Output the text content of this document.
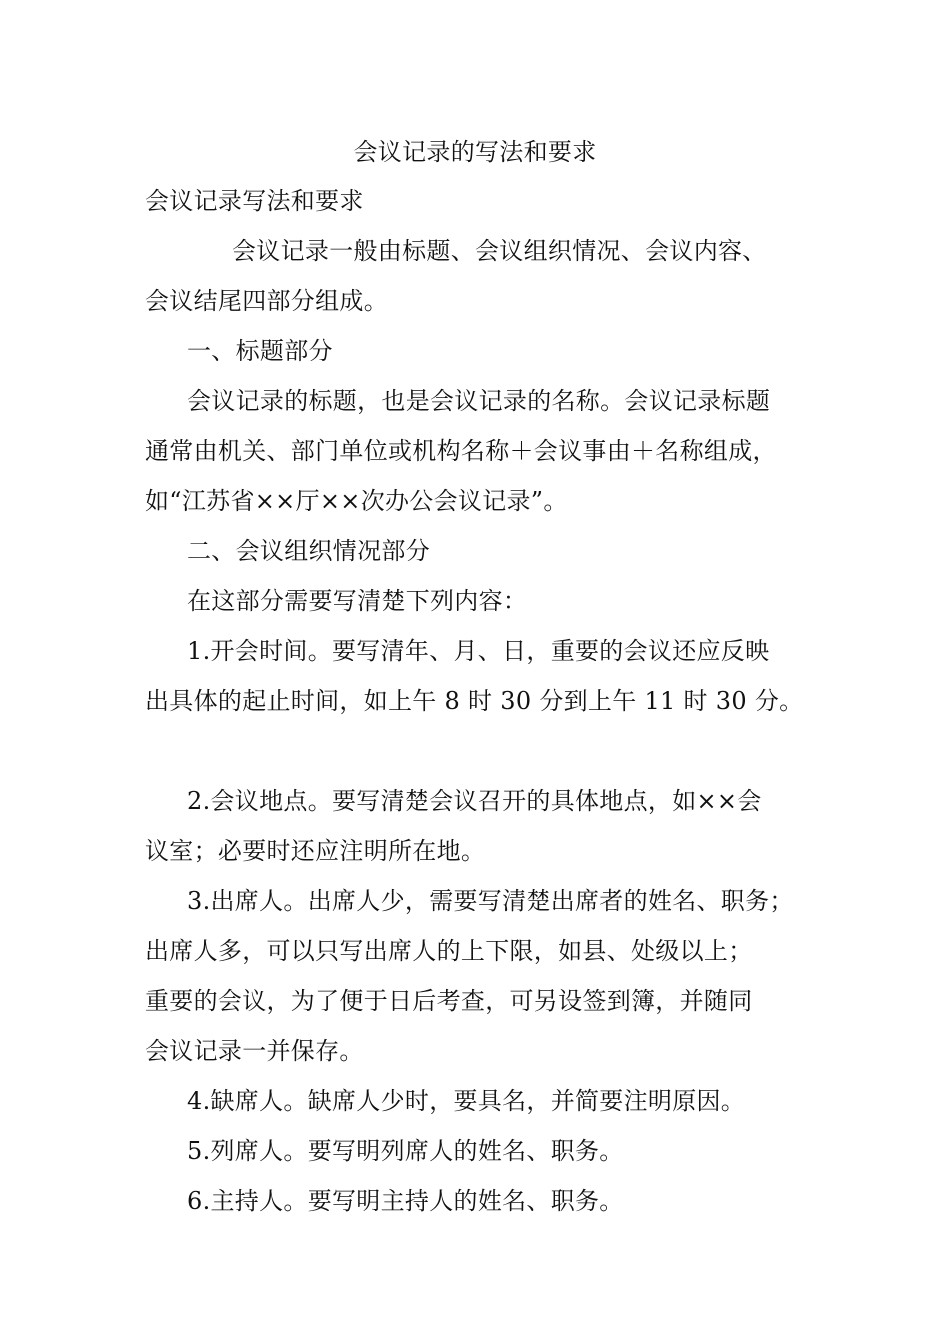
会议记录的写法和要求
会议记录写法和要求
会议记录一般由标题、会议组织情况、会议内容、
会议结尾四部分组成。
一、标题部分
会议记录的标题，也是会议记录的名称。会议记录标题
通常由机关、部门单位或机构名称＋会议事由＋名称组成，
如“江苏省××厅××次办公会议记录”。
二、会议组织情况部分
在这部分需要写清楚下列内容：
1.开会时间。要写清年、月、日，重要的会议还应反映
出具体的起止时间，如上午 8 时 30 分到上午 11 时 30 分。
2.会议地点。要写清楚会议召开的具体地点，如××会
议室；必要时还应注明所在地。
3.出席人。出席人少，需要写清楚出席者的姓名、职务；
出席人多，可以只写出席人的上下限，如县、处级以上；
重要的会议，为了便于日后考查，可另设签到簿，并随同
会议记录一并保存。
4.缺席人。缺席人少时，要具名，并简要注明原因。
5.列席人。要写明列席人的姓名、职务。
6.主持人。要写明主持人的姓名、职务。
